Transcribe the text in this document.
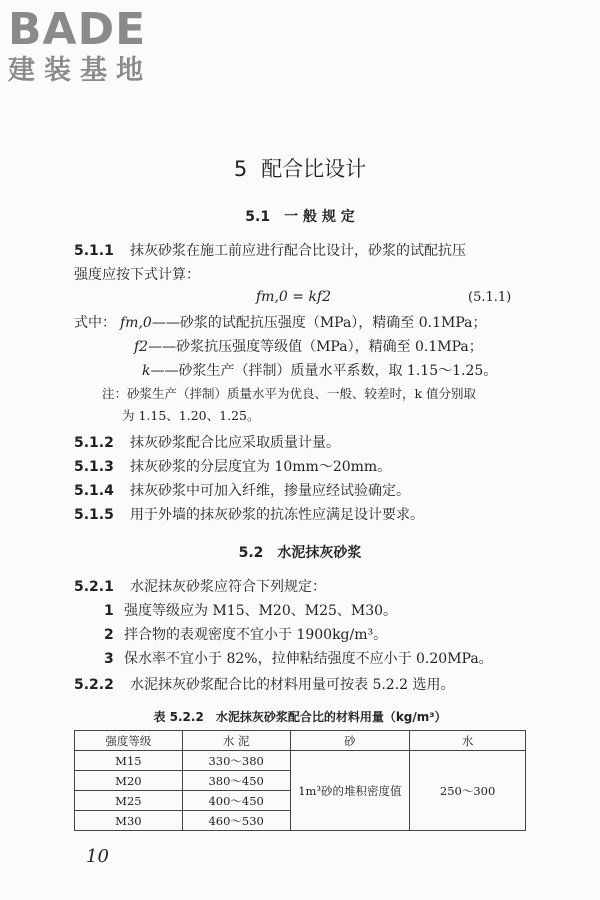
BADE
建装基地
5 配合比设计
5.1　 一 般 规 定
5.1.1 抹灰砂浆在施工前应进行配合比设计，砂浆的试配抗压
强度应按下式计算：
fm,0 = kf2	(5.1.1)
式中： fm,0——砂浆的试配抗压强度（MPa），精确至 0.1MPa；
f2——砂浆抗压强度等级值（MPa），精确至 0.1MPa；
k——砂浆生产（拌制）质量水平系数，取 1.15～1.25。
注：砂浆生产（拌制）质量水平为优良、一般、较差时，k 值分别取
为 1.15、1.20、1.25。
5.1.2 抹灰砂浆配合比应采取质量计量。
5.1.3 抹灰砂浆的分层度宜为 10mm～20mm。
5.1.4 抹灰砂浆中可加入纤维，掺量应经试验确定。
5.1.5 用于外墙的抹灰砂浆的抗冻性应满足设计要求。
5.2　 水泥抹灰砂浆
5.2.1 水泥抹灰砂浆应符合下列规定：
1 强度等级应为 M15、M20、M25、M30。
2 拌合物的表观密度不宜小于 1900kg/m³。
3 保水率不宜小于 82%，拉伸粘结强度不应小于 0.20MPa。
5.2.2 水泥抹灰砂浆配合比的材料用量可按表 5.2.2 选用。
表 5.2.2　水泥抹灰砂浆配合比的材料用量（kg/m³）
强度等级	水 泥	砂	水
M15	330～380	1m³砂的堆积密度值	250～300
M20	380～450		
M25	400～450		
M30	460～530		
10
